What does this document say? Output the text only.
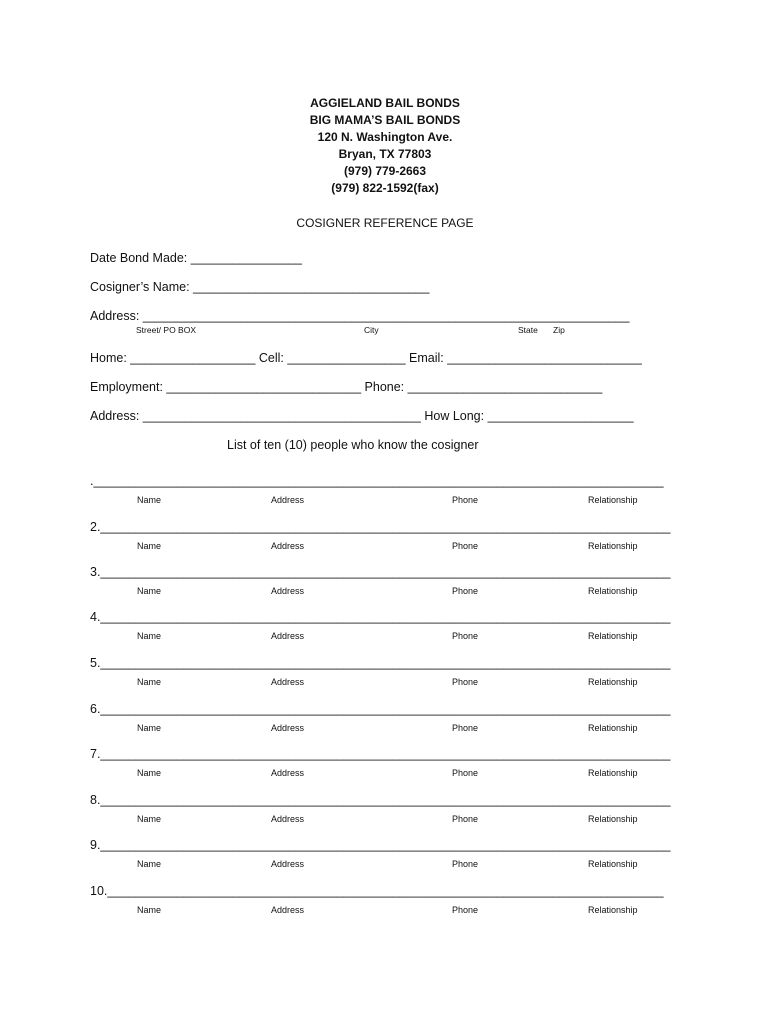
AGGIELAND BAIL BONDS
BIG MAMA’S BAIL BONDS
120 N. Washington Ave.
Bryan, TX 77803
(979) 779-2663
(979) 822-1592(fax)
COSIGNER REFERENCE PAGE
Date Bond Made: ________________
Cosigner’s Name: __________________________________
Address: ______________________________________________________________________
Street/ PO BOX	City	State Zip
Home: __________________ Cell: _________________ Email: ____________________________
Employment: ____________________________ Phone: ____________________________
Address: ________________________________________ How Long: _____________________
List of ten (10) people who know the cosigner
.__________________________________________________________________________________
Name	Address	Phone	Relationship
2.__________________________________________________________________________________
Name	Address	Phone	Relationship
3.__________________________________________________________________________________
Name	Address	Phone	Relationship
4.__________________________________________________________________________________
Name	Address	Phone	Relationship
5.__________________________________________________________________________________
Name	Address	Phone	Relationship
6.__________________________________________________________________________________
Name	Address	Phone	Relationship
7.__________________________________________________________________________________
Name	Address	Phone	Relationship
8.__________________________________________________________________________________
Name	Address	Phone	Relationship
9.__________________________________________________________________________________
Name	Address	Phone	Relationship
10.________________________________________________________________________________
Name	Address	Phone	Relationship
